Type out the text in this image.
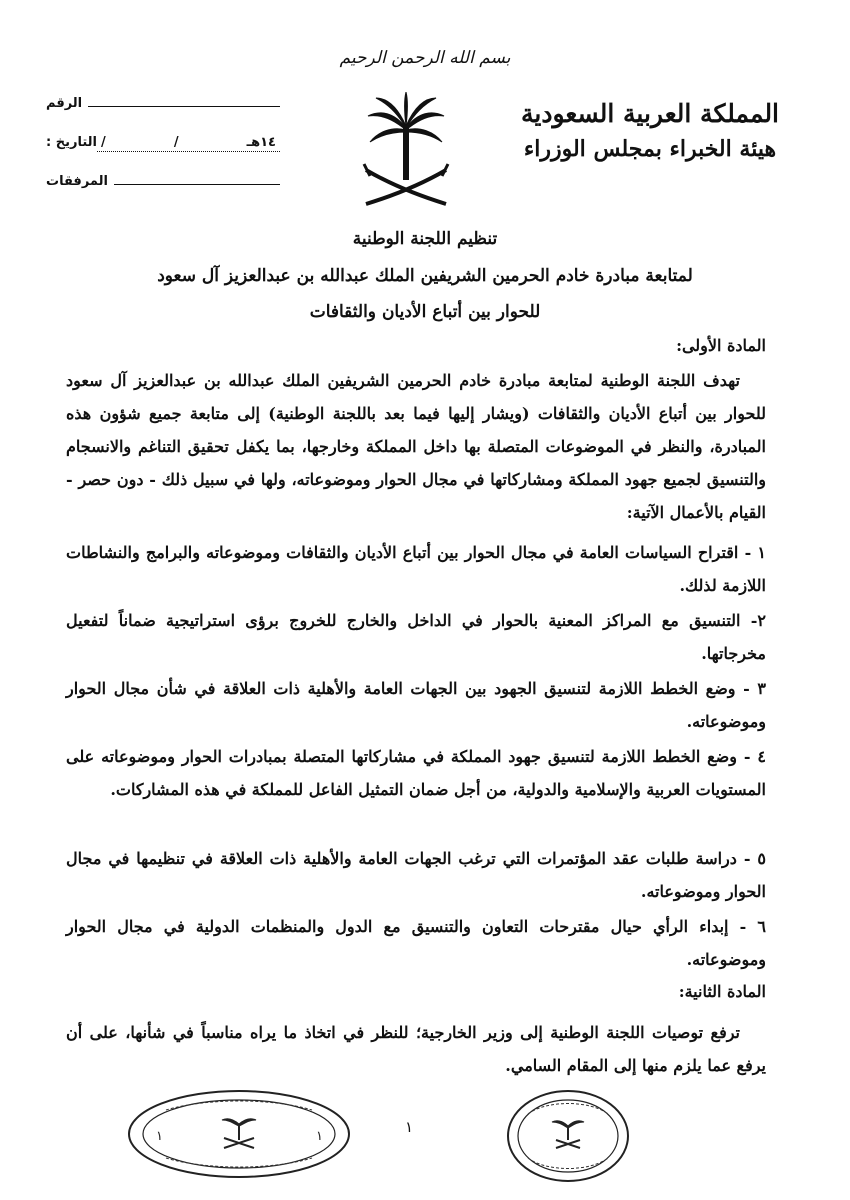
بسم الله الرحمن الرحيم
المملكة العربية السعودية
هيئة الخبراء بمجلس الوزراء
الرقم
التاريخ : /	/	١٤هـ
المرفقات
تنظيم اللجنة الوطنية
لمتابعة مبادرة خادم الحرمين الشريفين الملك عبدالله بن عبدالعزيز آل سعود
للحوار بين أتباع الأديان والثقافات
المادة الأولى:
تهدف اللجنة الوطنية لمتابعة مبادرة خادم الحرمين الشريفين الملك عبدالله بن عبدالعزيز آل سعود للحوار بين أتباع الأديان والثقافات (ويشار إليها فيما بعد باللجنة الوطنية) إلى متابعة جميع شؤون هذه المبادرة، والنظر في الموضوعات المتصلة بها داخل المملكة وخارجها، بما يكفل تحقيق التناغم والانسجام والتنسيق لجميع جهود المملكة ومشاركاتها في مجال الحوار وموضوعاته، ولها في سبيل ذلك - دون حصر - القيام بالأعمال الآتية:
١ - اقتراح السياسات العامة في مجال الحوار بين أتباع الأديان والثقافات وموضوعاته والبرامج والنشاطات اللازمة لذلك.
٢- التنسيق مع المراكز المعنية بالحوار في الداخل والخارج للخروج برؤى استراتيجية ضماناً لتفعيل مخرجاتها.
٣ - وضع الخطط اللازمة لتنسيق الجهود بين الجهات العامة والأهلية ذات العلاقة في شأن مجال الحوار وموضوعاته.
٤ - وضع الخطط اللازمة لتنسيق جهود المملكة في مشاركاتها المتصلة بمبادرات الحوار وموضوعاته على المستويات العربية والإسلامية والدولية، من أجل ضمان التمثيل الفاعل للمملكة في هذه المشاركات.
٥ - دراسة طلبات عقد المؤتمرات التي ترغب الجهات العامة والأهلية ذات العلاقة في تنظيمها في مجال الحوار وموضوعاته.
٦ - إبداء الرأي حيال مقترحات التعاون والتنسيق مع الدول والمنظمات الدولية في مجال الحوار وموضوعاته.
المادة الثانية:
ترفع توصيات اللجنة الوطنية إلى وزير الخارجية؛ للنظر في اتخاذ ما يراه مناسباً في شأنها، على أن يرفع عما يلزم منها إلى المقام السامي.
١
١	١
